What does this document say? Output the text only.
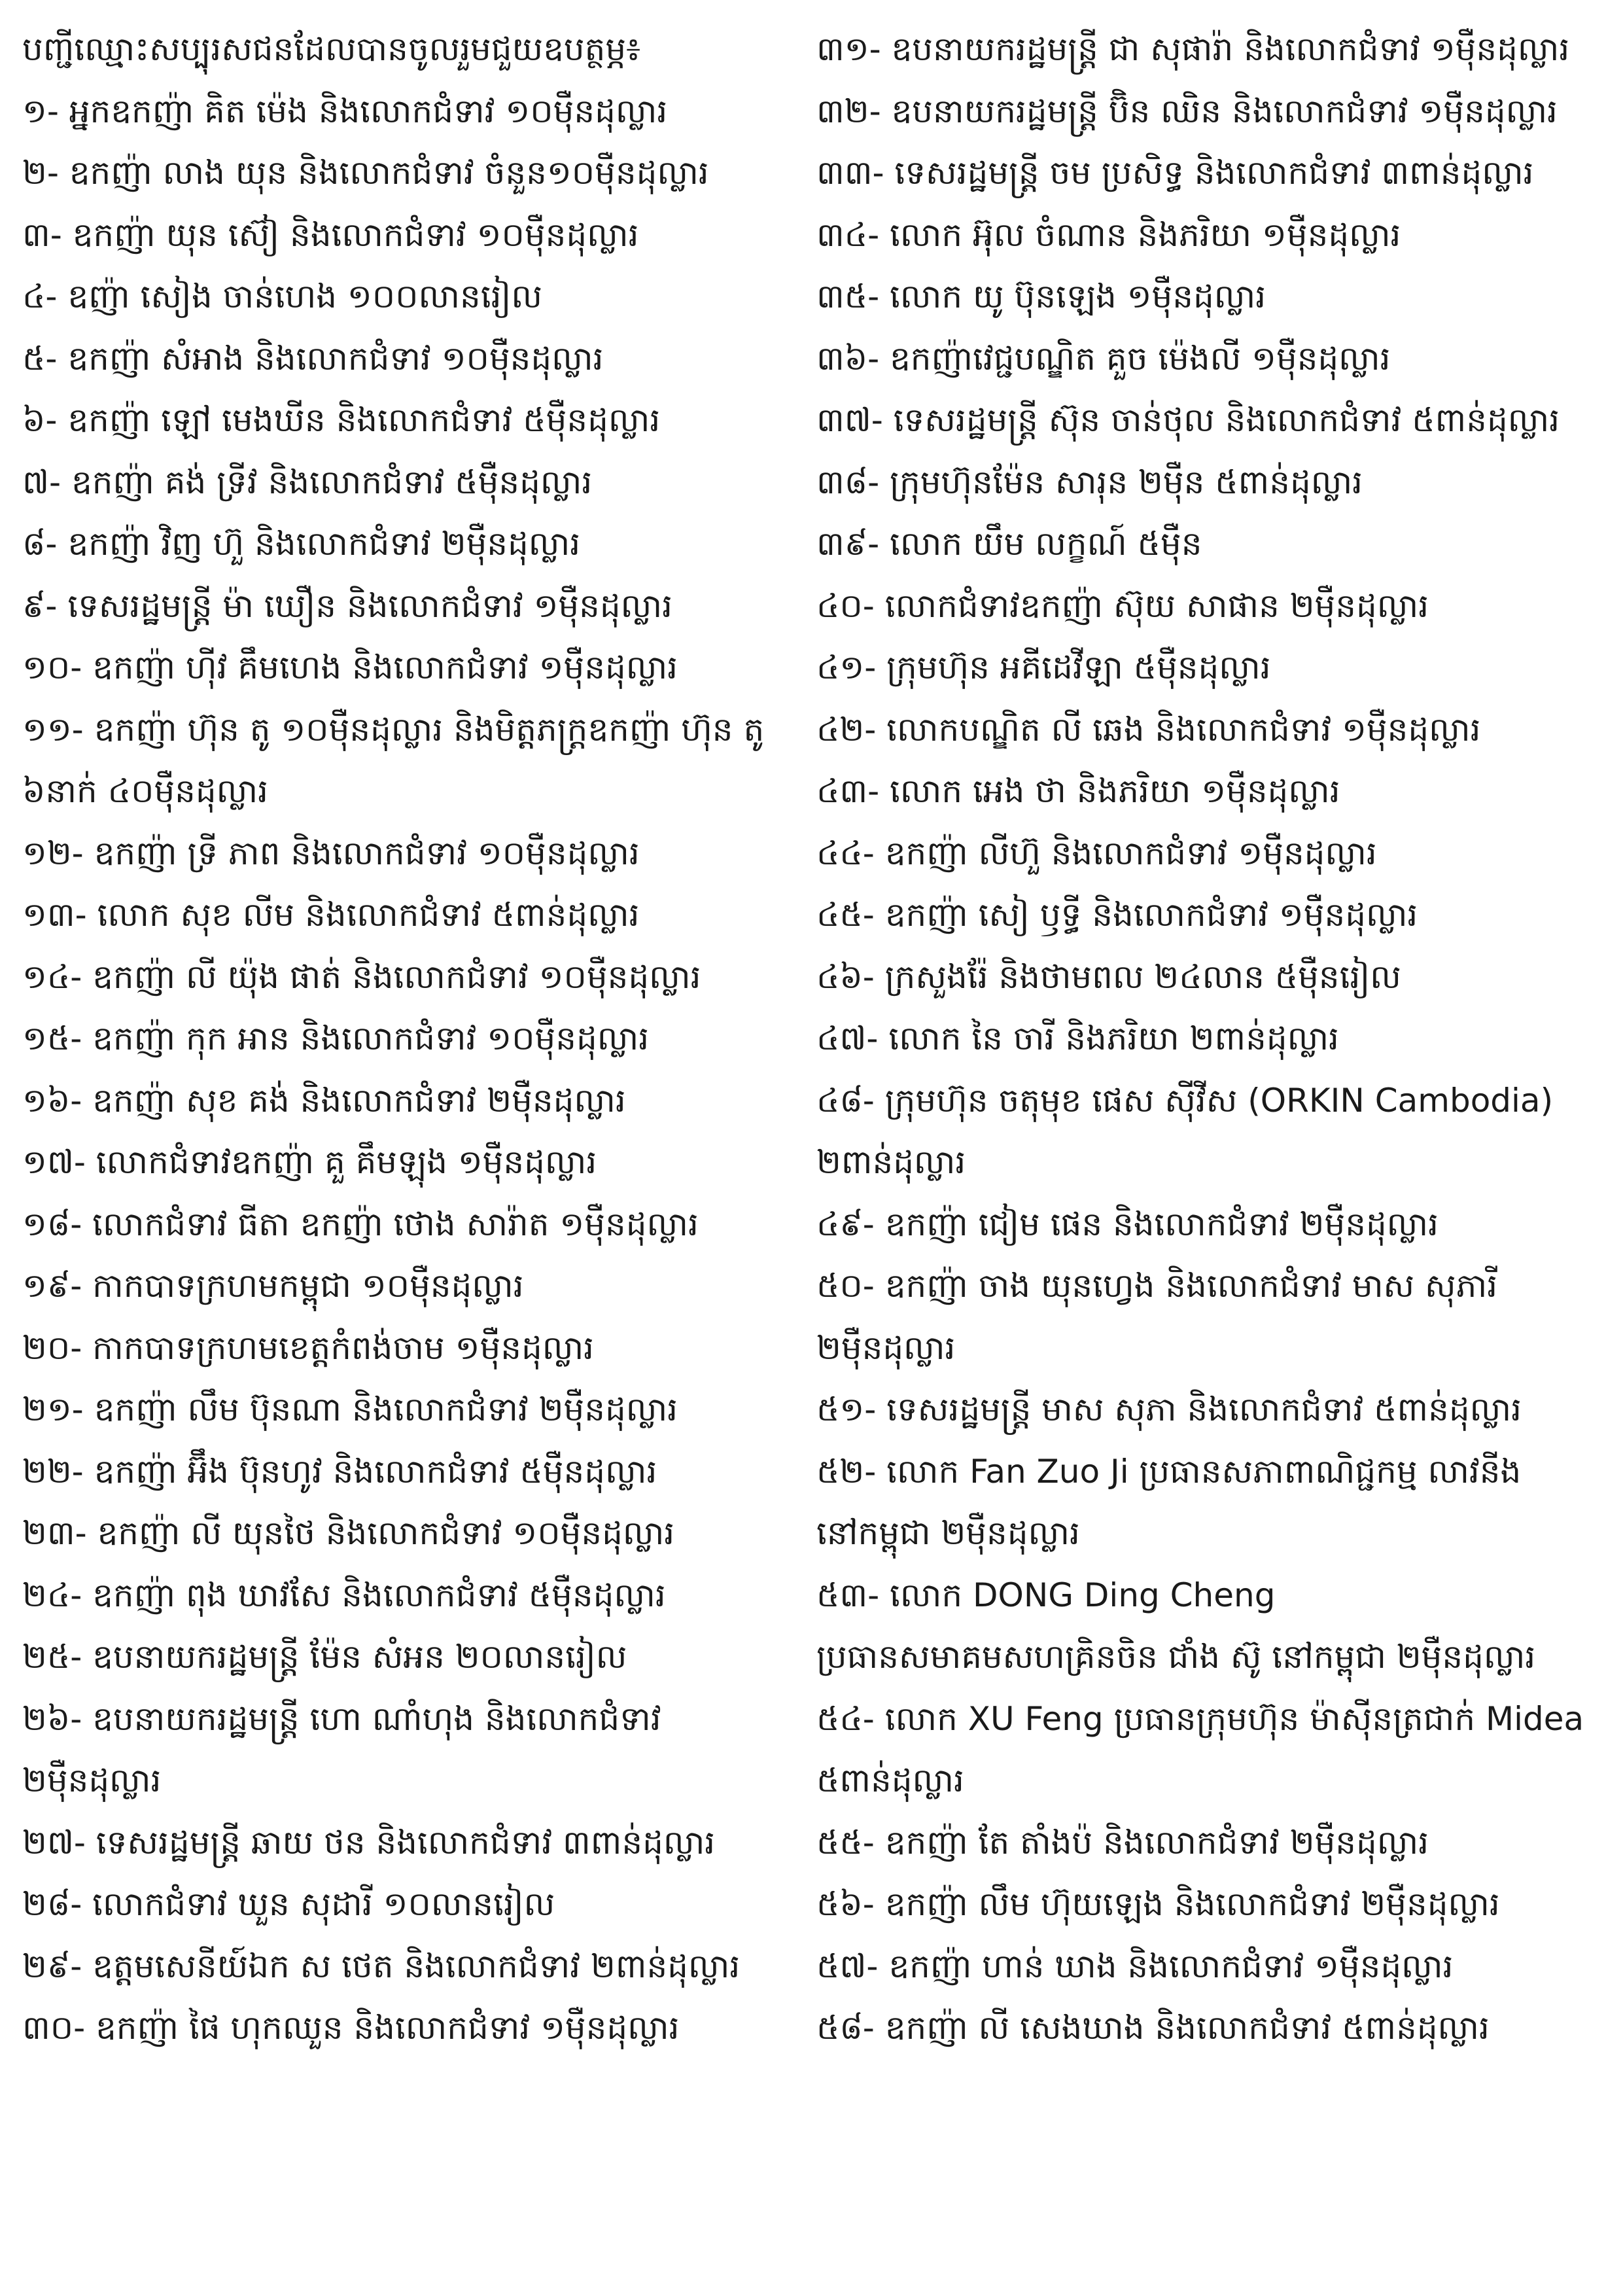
បញ្ជីឈ្មោះសប្បុរសជនដែលបានចូលរួមជួយឧបត្ថម្ភ៖
១- អ្នកឧកញ៉ា គិត ម៉េង និងលោកជំទាវ ១០ម៉ឺនដុល្លារ
២- ឧកញ៉ា លាង យុន និងលោកជំទាវ ចំនួន១០ម៉ឺនដុល្លារ
៣- ឧកញ៉ា យុន ស៊ៀ និងលោកជំទាវ ១០ម៉ឺនដុល្លារ
៤- ឧញ៉ា សៀង ចាន់ហេង ១០០លានរៀល
៥- ឧកញ៉ា សំអាង និងលោកជំទាវ ១០ម៉ឺនដុល្លារ
៦- ឧកញ៉ា ឡៅ មេងឃីន និងលោកជំទាវ ៥ម៉ឺនដុល្លារ
៧- ឧកញ៉ា គង់ ទ្រីវ និងលោកជំទាវ ៥ម៉ឺនដុល្លារ
៨- ឧកញ៉ា វិញ ហ៊ួ និងលោកជំទាវ ២ម៉ឺនដុល្លារ
៩- ទេសរដ្ឋមន្ត្រី ម៉ា ឃឿន និងលោកជំទាវ ១ម៉ឺនដុល្លារ
១០- ឧកញ៉ា ហ៊ីវ គឹមហេង និងលោកជំទាវ ១ម៉ឺនដុល្លារ
១១- ឧកញ៉ា ហ៊ុន តូ ១០ម៉ឺនដុល្លារ និងមិត្តភក្រ្តឧកញ៉ា ហ៊ុន តូ
៦នាក់ ៤០ម៉ឺនដុល្លារ
១២- ឧកញ៉ា ទ្រី ភាព និងលោកជំទាវ ១០ម៉ឺនដុល្លារ
១៣- លោក សុខ លីម និងលោកជំទាវ ៥ពាន់ដុល្លារ
១៤- ឧកញ៉ា លី យ៉ុង ផាត់ និងលោកជំទាវ ១០ម៉ឺនដុល្លារ
១៥- ឧកញ៉ា កុក អាន និងលោកជំទាវ ១០ម៉ឺនដុល្លារ
១៦- ឧកញ៉ា សុខ គង់ និងលោកជំទាវ ២ម៉ឺនដុល្លារ
១៧- លោកជំទាវឧកញ៉ា គួ គឹមឡុង ១ម៉ឺនដុល្លារ
១៨- លោកជំទាវ ធីតា ឧកញ៉ា ថោង សារ៉ាត ១ម៉ឺនដុល្លារ
១៩- កាកបាទក្រហមកម្ពុជា ១០ម៉ឺនដុល្លារ
២០- កាកបាទក្រហមខេត្តកំពង់ចាម ១ម៉ឺនដុល្លារ
២១- ឧកញ៉ា លឹម ប៊ុនណា និងលោកជំទាវ ២ម៉ឺនដុល្លារ
២២- ឧកញ៉ា អ៊ឹង ប៊ុនហូវ និងលោកជំទាវ ៥ម៉ឺនដុល្លារ
២៣- ឧកញ៉ា លី យុនថៃ និងលោកជំទាវ ១០ម៉ឺនដុល្លារ
២៤- ឧកញ៉ា ពុង ឃាវសែ និងលោកជំទាវ ៥ម៉ឺនដុល្លារ
២៥- ឧបនាយករដ្ឋមន្ត្រី ម៉ែន សំអន ២០លានរៀល
២៦- ឧបនាយករដ្ឋមន្ត្រី ហោ ណាំហុង និងលោកជំទាវ
២ម៉ឺនដុល្លារ
២៧- ទេសរដ្ឋមន្ត្រី ឆាយ ថន និងលោកជំទាវ ៣ពាន់ដុល្លារ
២៨- លោកជំទាវ ឃួន សុដារី ១០លានរៀល
២៩- ឧត្តមសេនីយ៍ឯក ស ថេត និងលោកជំទាវ ២ពាន់ដុល្លារ
៣០- ឧកញ៉ា ផៃ ហុកឈួន និងលោកជំទាវ ១ម៉ឺនដុល្លារ
៣១- ឧបនាយករដ្ឋមន្ត្រី ជា សុផារ៉ា និងលោកជំទាវ ១ម៉ឺនដុល្លារ
៣២- ឧបនាយករដ្ឋមន្ត្រី ប៊ិន ឈិន និងលោកជំទាវ ១ម៉ឺនដុល្លារ
៣៣- ទេសរដ្ឋមន្ត្រី ចម ប្រសិទ្ធ និងលោកជំទាវ ៣ពាន់ដុល្លារ
៣៤- លោក អ៊ុល ចំណាន និងភរិយា ១ម៉ឺនដុល្លារ
៣៥- លោក យូ ប៊ុនឡេង ១ម៉ឺនដុល្លារ
៣៦- ឧកញ៉ាវេជ្ជបណ្ឌិត គួច ម៉េងលី ១ម៉ឺនដុល្លារ
៣៧- ទេសរដ្ឋមន្ត្រី ស៊ុន ចាន់ថុល និងលោកជំទាវ ៥ពាន់ដុល្លារ
៣៨- ក្រុមហ៊ុនម៉ែន សារុន ២ម៉ឺន ៥ពាន់ដុល្លារ
៣៩- លោក យឹម លក្ខណ៍ ៥ម៉ឺន
៤០- លោកជំទាវឧកញ៉ា ស៊ុយ សាផាន ២ម៉ឺនដុល្លារ
៤១- ក្រុមហ៊ុន អគីដេវីឡា ៥ម៉ឺនដុល្លារ
៤២- លោកបណ្ឌិត លី ឆេង និងលោកជំទាវ ១ម៉ឺនដុល្លារ
៤៣- លោក អេង ថា និងភរិយា ១ម៉ឺនដុល្លារ
៤៤- ឧកញ៉ា លីហ៊ួ និងលោកជំទាវ ១ម៉ឺនដុល្លារ
៤៥- ឧកញ៉ា សៀ ឫទ្ធី និងលោកជំទាវ ១ម៉ឺនដុល្លារ
៤៦- ក្រសួងរ៉ែ និងថាមពល ២៤លាន ៥ម៉ឺនរៀល
៤៧- លោក នៃ ចារី និងភរិយា ២ពាន់ដុល្លារ
៤៨- ក្រុមហ៊ុន ចតុមុខ ផេស ស៊ីវីស (ORKIN Cambodia)
២ពាន់ដុល្លារ
៤៩- ឧកញ៉ា ជៀម ផេន និងលោកជំទាវ ២ម៉ឺនដុល្លារ
៥០- ឧកញ៉ា ចាង យុនហ្វេង និងលោកជំទាវ មាស សុភារី
២ម៉ឺនដុល្លារ
៥១- ទេសរដ្ឋមន្ត្រី មាស សុភា និងលោកជំទាវ ៥ពាន់ដុល្លារ
៥២- លោក Fan Zuo Ji ប្រធានសភាពាណិជ្ជកម្ម លាវនីង
នៅកម្ពុជា ២ម៉ឺនដុល្លារ
៥៣- លោក DONG Ding Cheng
ប្រធានសមាគមសហគ្រិនចិន ជាំង ស៊ូ នៅកម្ពុជា ២ម៉ឺនដុល្លារ
៥៤- លោក XU Feng ប្រធានក្រុមហ៊ុន ម៉ាស៊ីនត្រជាក់ Midea
៥ពាន់ដុល្លារ
៥៥- ឧកញ៉ា តែ តាំងប៉ និងលោកជំទាវ ២ម៉ឺនដុល្លារ
៥៦- ឧកញ៉ា លឹម ហ៊ុយឡេង និងលោកជំទាវ ២ម៉ឺនដុល្លារ
៥៧- ឧកញ៉ា ហាន់ ឃាង និងលោកជំទាវ ១ម៉ឺនដុល្លារ
៥៨- ឧកញ៉ា លី សេងឃាង និងលោកជំទាវ ៥ពាន់ដុល្លារ
